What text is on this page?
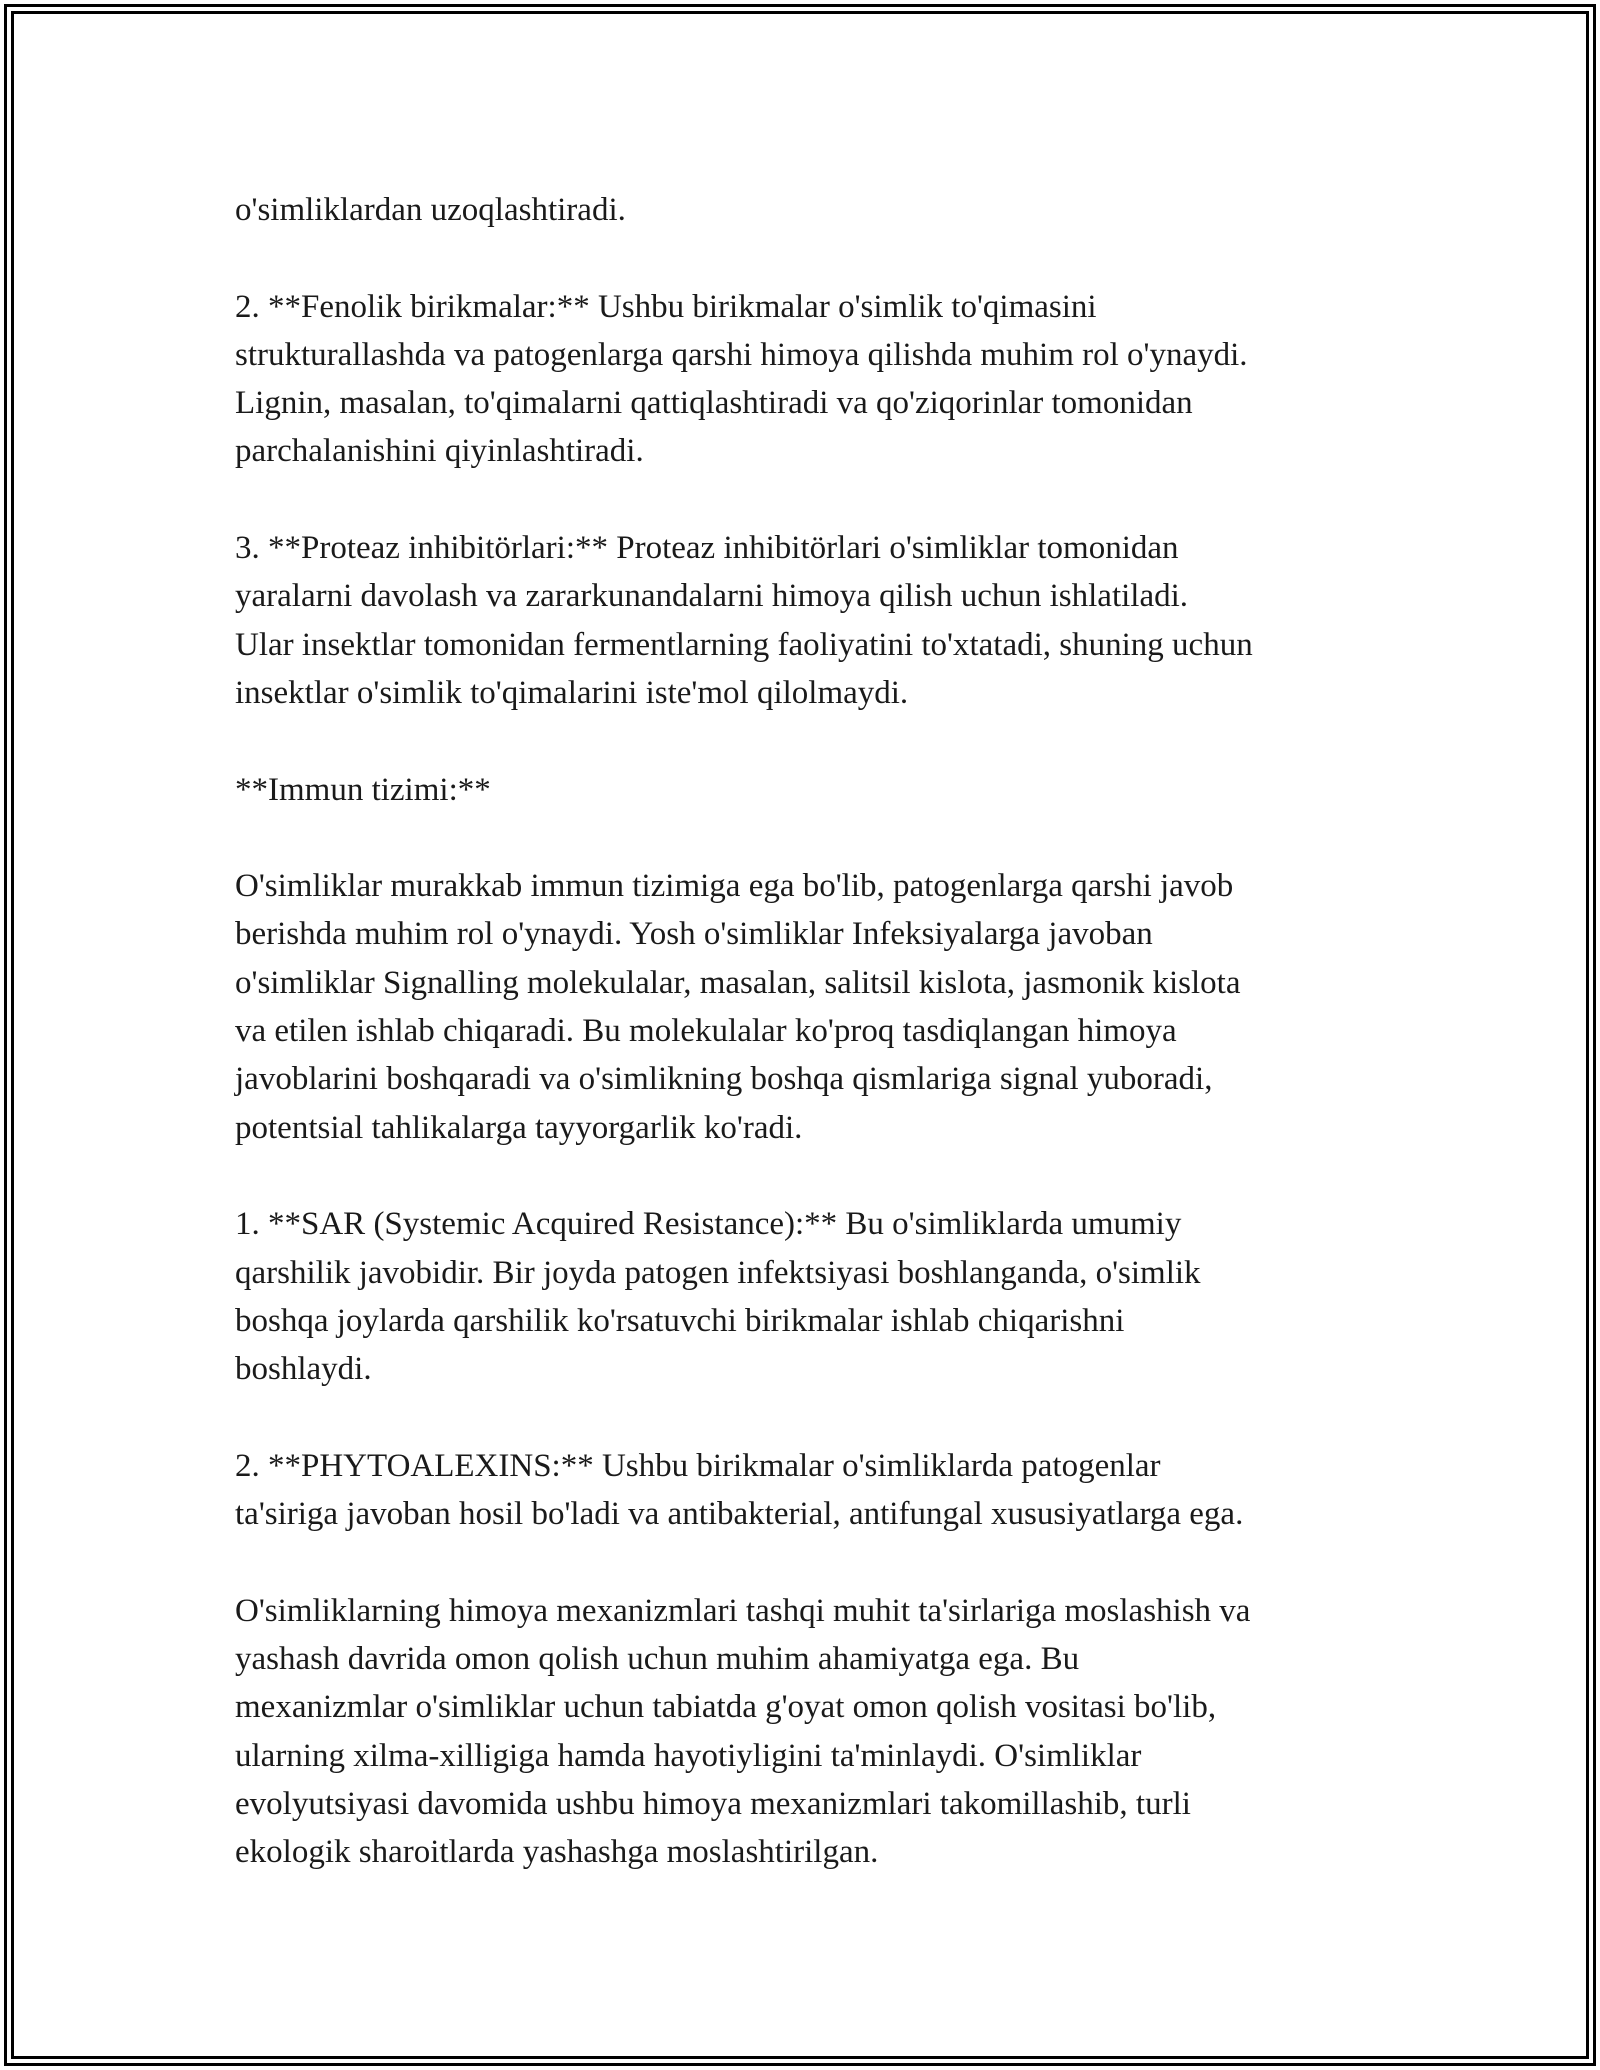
o'simliklardan uzoqlashtiradi.

2. **Fenolik birikmalar:** Ushbu birikmalar o'simlik to'qimasini
strukturallashda va patogenlarga qarshi himoya qilishda muhim rol o'ynaydi.
Lignin, masalan, to'qimalarni qattiqlashtiradi va qo'ziqorinlar tomonidan
parchalanishini qiyinlashtiradi.

3. **Proteaz inhibitörlari:** Proteaz inhibitörlari o'simliklar tomonidan
yaralarni davolash va zararkunandalarni himoya qilish uchun ishlatiladi.
Ular insektlar tomonidan fermentlarning faoliyatini to'xtatadi, shuning uchun
insektlar o'simlik to'qimalarini iste'mol qilolmaydi.

**Immun tizimi:**

O'simliklar murakkab immun tizimiga ega bo'lib, patogenlarga qarshi javob
berishda muhim rol o'ynaydi. Yosh o'simliklar Infeksiyalarga javoban
o'simliklar Signalling molekulalar, masalan, salitsil kislota, jasmonik kislota
va etilen ishlab chiqaradi. Bu molekulalar ko'proq tasdiqlangan himoya
javoblarini boshqaradi va o'simlikning boshqa qismlariga signal yuboradi,
potentsial tahlikalarga tayyorgarlik ko'radi.

1. **SAR (Systemic Acquired Resistance):** Bu o'simliklarda umumiy
qarshilik javobidir. Bir joyda patogen infektsiyasi boshlanganda, o'simlik
boshqa joylarda qarshilik ko'rsatuvchi birikmalar ishlab chiqarishni
boshlaydi.

2. **PHYTOALEXINS:** Ushbu birikmalar o'simliklarda patogenlar
ta'siriga javoban hosil bo'ladi va antibakterial, antifungal xususiyatlarga ega.

O'simliklarning himoya mexanizmlari tashqi muhit ta'sirlariga moslashish va
yashash davrida omon qolish uchun muhim ahamiyatga ega. Bu
mexanizmlar o'simliklar uchun tabiatda g'oyat omon qolish vositasi bo'lib,
ularning xilma-xilligiga hamda hayotiyligini ta'minlaydi. O'simliklar
evolyutsiyasi davomida ushbu himoya mexanizmlari takomillashib, turli
ekologik sharoitlarda yashashga moslashtirilgan.
